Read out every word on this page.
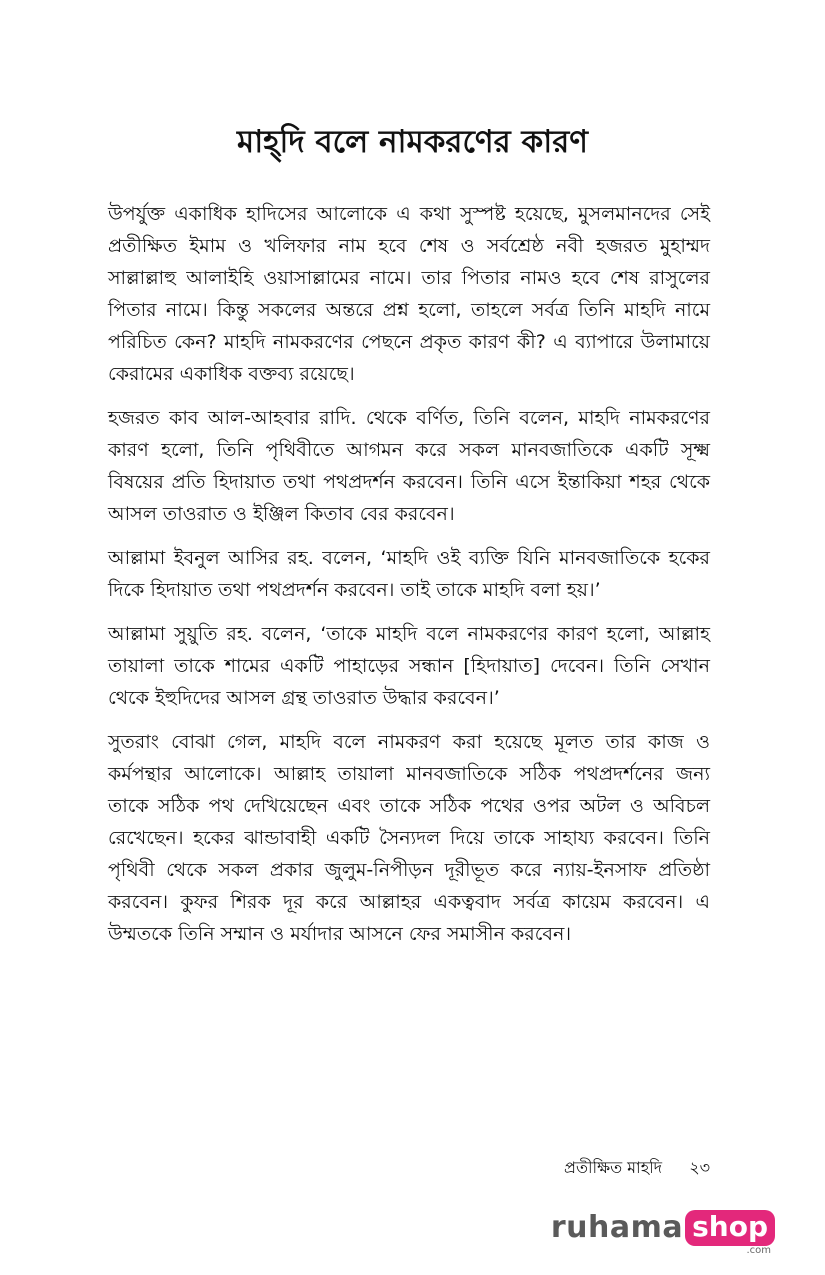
মাহ্‌দি বলে নামকরণের কারণ

উপর্যুক্ত একাধিক হাদিসের আলোকে এ কথা সুস্পষ্ট হয়েছে, মুসলমানদের সেই প্রতীক্ষিত ইমাম ও খলিফার নাম হবে শেষ ও সর্বশ্রেষ্ঠ নবী হজরত মুহাম্মদ সাল্লাল্লাহু আলাইহি ওয়াসাল্লামের নামে। তার পিতার নামও হবে শেষ রাসুলের পিতার নামে। কিন্তু সকলের অন্তরে প্রশ্ন হলো, তাহলে সর্বত্র তিনি মাহদি নামে পরিচিত কেন? মাহদি নামকরণের পেছনে প্রকৃত কারণ কী? এ ব্যাপারে উলামায়ে কেরামের একাধিক বক্তব্য রয়েছে।

হজরত কাব আল-আহবার রাদি. থেকে বর্ণিত, তিনি বলেন, মাহদি নামকরণের কারণ হলো, তিনি পৃথিবীতে আগমন করে সকল মানবজাতিকে একটি সূক্ষ্ম বিষয়ের প্রতি হিদায়াত তথা পথপ্রদর্শন করবেন। তিনি এসে ইন্তাকিয়া শহর থেকে আসল তাওরাত ও ইঞ্জিল কিতাব বের করবেন।

আল্লামা ইবনুল আসির রহ. বলেন, ‘মাহদি ওই ব্যক্তি যিনি মানবজাতিকে হকের দিকে হিদায়াত তথা পথপ্রদর্শন করবেন। তাই তাকে মাহদি বলা হয়।’

আল্লামা সুয়ুতি রহ. বলেন, ‘তাকে মাহদি বলে নামকরণের কারণ হলো, আল্লাহ তায়ালা তাকে শামের একটি পাহাড়ের সন্ধান [হিদায়াত] দেবেন। তিনি সেখান থেকে ইহুদিদের আসল গ্রন্থ তাওরাত উদ্ধার করবেন।’

সুতরাং বোঝা গেল, মাহদি বলে নামকরণ করা হয়েছে মূলত তার কাজ ও কর্মপন্থার আলোকে। আল্লাহ তায়ালা মানবজাতিকে সঠিক পথপ্রদর্শনের জন্য তাকে সঠিক পথ দেখিয়েছেন এবং তাকে সঠিক পথের ওপর অটল ও অবিচল রেখেছেন। হকের ঝান্ডাবাহী একটি সৈন্যদল দিয়ে তাকে সাহায্য করবেন। তিনি পৃথিবী থেকে সকল প্রকার জুলুম-নিপীড়ন দূরীভূত করে ন্যায়-ইনসাফ প্রতিষ্ঠা করবেন। কুফর শিরক দূর করে আল্লাহর একত্ববাদ সর্বত্র কায়েম করবেন। এ উম্মতকে তিনি সম্মান ও মর্যাদার আসনে ফের সমাসীন করবেন।

প্রতীক্ষিত মাহদি ২৩
ruhama shop
.com
